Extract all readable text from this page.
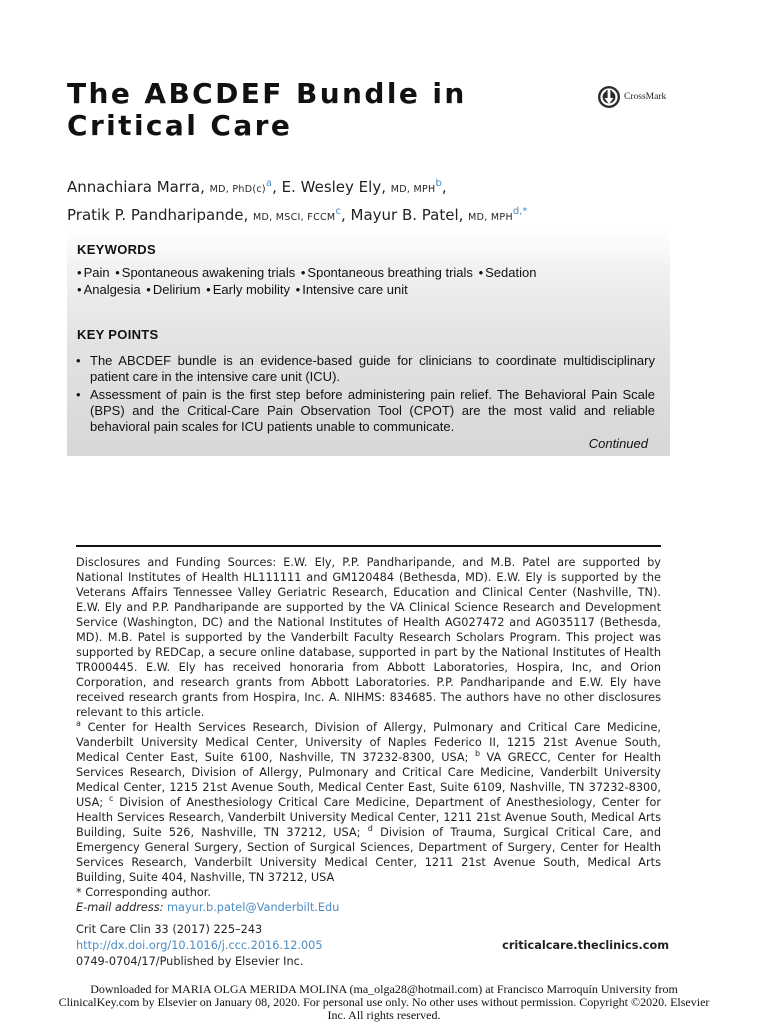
The ABCDEF Bundle in
Critical Care
CrossMark
Annachiara Marra, MD, PhD(c)$^a$, E. Wesley Ely, MD, MPH$^b$,
Pratik P. Pandharipande, MD, MSCI, FCCM$^c$, Mayur B. Patel, MD, MPH$^{d,*}$
KEYWORDS
• Pain • Spontaneous awakening trials • Spontaneous breathing trials • Sedation
• Analgesia • Delirium • Early mobility • Intensive care unit
KEY POINTS
• The ABCDEF bundle is an evidence-based guide for clinicians to coordinate multidisciplinary patient care in the intensive care unit (ICU).
• Assessment of pain is the first step before administering pain relief. The Behavioral Pain Scale (BPS) and the Critical-Care Pain Observation Tool (CPOT) are the most valid and reliable behavioral pain scales for ICU patients unable to communicate.
Continued

Disclosures and Funding Sources: E.W. Ely, P.P. Pandharipande, and M.B. Patel are supported by National Institutes of Health HL111111 and GM120484 (Bethesda, MD). E.W. Ely is supported by the Veterans Affairs Tennessee Valley Geriatric Research, Education and Clinical Center (Nashville, TN). E.W. Ely and P.P. Pandharipande are supported by the VA Clinical Science Research and Development Service (Washington, DC) and the National Institutes of Health AG027472 and AG035117 (Bethesda, MD). M.B. Patel is supported by the Vanderbilt Faculty Research Scholars Program. This project was supported by REDCap, a secure online database, supported in part by the National Institutes of Health TR000445. E.W. Ely has received honoraria from Abbott Laboratories, Hospira, Inc, and Orion Corporation, and research grants from Abbott Laboratories. P.P. Pandharipande and E.W. Ely have received research grants from Hospira, Inc. A. NIHMS: 834685. The authors have no other disclosures relevant to this article.

$^a$ Center for Health Services Research, Division of Allergy, Pulmonary and Critical Care Medicine, Vanderbilt University Medical Center, University of Naples Federico II, 1215 21st Avenue South, Medical Center East, Suite 6100, Nashville, TN 37232-8300, USA; $^b$ VA GRECC, Center for Health Services Research, Division of Allergy, Pulmonary and Critical Care Medicine, Vanderbilt University Medical Center, 1215 21st Avenue South, Medical Center East, Suite 6109, Nashville, TN 37232-8300, USA; $^c$ Division of Anesthesiology Critical Care Medicine, Department of Anesthesiology, Center for Health Services Research, Vanderbilt University Medical Center, 1211 21st Avenue South, Medical Arts Building, Suite 526, Nashville, TN 37212, USA; $^d$ Division of Trauma, Surgical Critical Care, and Emergency General Surgery, Section of Surgical Sciences, Department of Surgery, Center for Health Services Research, Vanderbilt University Medical Center, 1211 21st Avenue South, Medical Arts Building, Suite 404, Nashville, TN 37212, USA

* Corresponding author.

E-mail address: mayur.b.patel@Vanderbilt.Edu

Crit Care Clin 33 (2017) 225–243
http://dx.doi.org/10.1016/j.ccc.2016.12.005
0749-0704/17/Published by Elsevier Inc.
criticalcare.theclinics.com
Downloaded for MARIA OLGA MERIDA MOLINA (ma_olga28@hotmail.com) at Francisco Marroquín University from
ClinicalKey.com by Elsevier on January 08, 2020. For personal use only. No other uses without permission. Copyright ©2020. Elsevier
Inc. All rights reserved.
